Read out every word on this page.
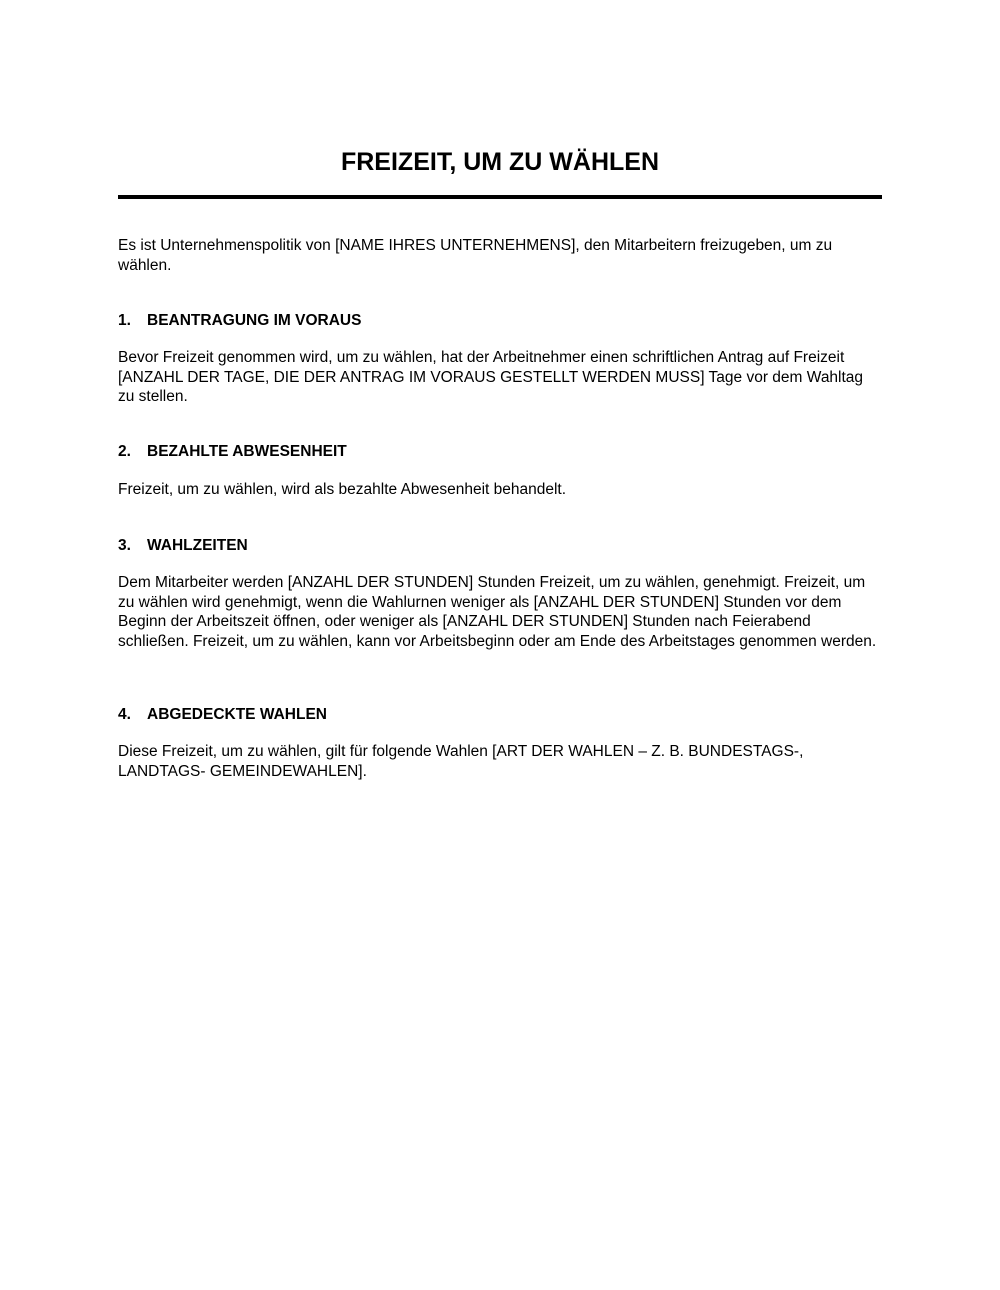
FREIZEIT, UM ZU WÄHLEN

Es ist Unternehmenspolitik von [NAME IHRES UNTERNEHMENS], den Mitarbeitern freizugeben, um zu wählen.

1. BEANTRAGUNG IM VORAUS

Bevor Freizeit genommen wird, um zu wählen, hat der Arbeitnehmer einen schriftlichen Antrag auf Freizeit [ANZAHL DER TAGE, DIE DER ANTRAG IM VORAUS GESTELLT WERDEN MUSS] Tage vor dem Wahltag zu stellen.

2. BEZAHLTE ABWESENHEIT

Freizeit, um zu wählen, wird als bezahlte Abwesenheit behandelt.

3. WAHLZEITEN

Dem Mitarbeiter werden [ANZAHL DER STUNDEN] Stunden Freizeit, um zu wählen, genehmigt. Freizeit, um zu wählen wird genehmigt, wenn die Wahlurnen weniger als [ANZAHL DER STUNDEN] Stunden vor dem Beginn der Arbeitszeit öffnen, oder weniger als [ANZAHL DER STUNDEN] Stunden nach Feierabend schließen. Freizeit, um zu wählen, kann vor Arbeitsbeginn oder am Ende des Arbeitstages genommen werden.

4. ABGEDECKTE WAHLEN

Diese Freizeit, um zu wählen, gilt für folgende Wahlen [ART DER WAHLEN – Z. B. BUNDESTAGS-, LANDTAGS- GEMEINDEWAHLEN].
